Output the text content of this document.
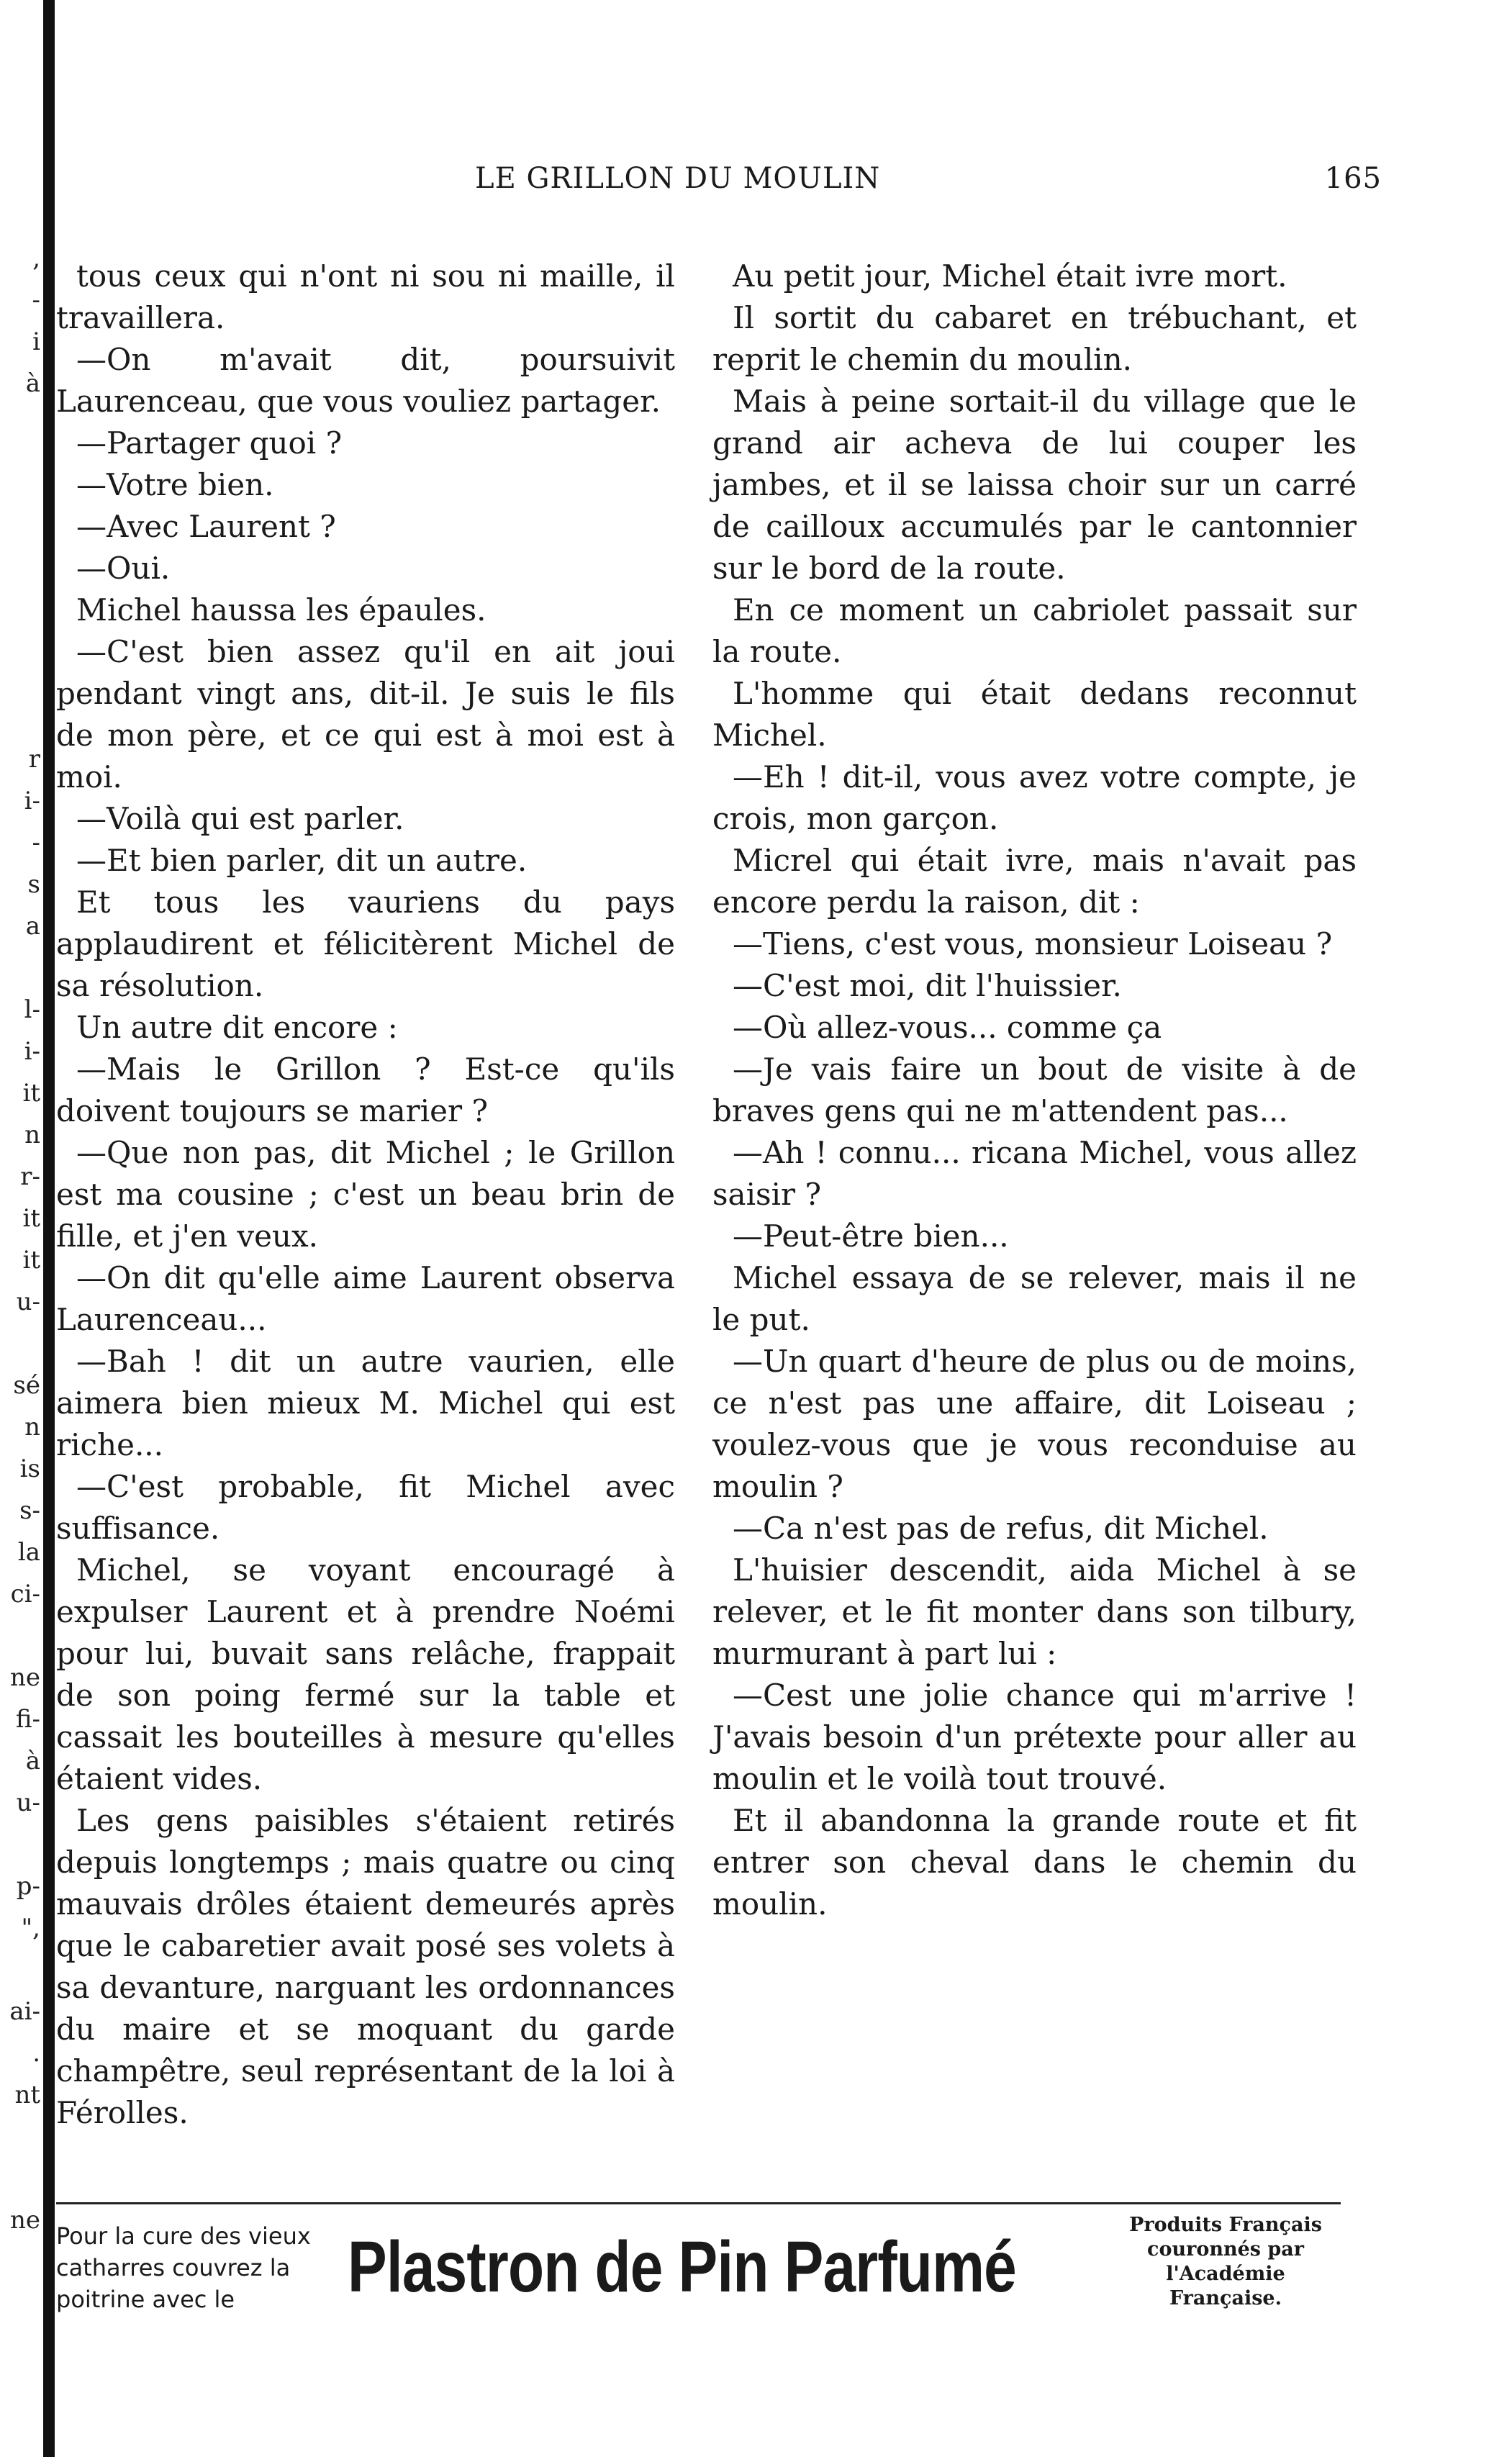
,
-
i
à
r
i-
-
s
a
l-
i-
it
n
r-
it
it
u-
sé
n
is
s-
la
ci-
ne
fi-
à
u-
p-
",
ai-
.
nt
ne
LE GRILLON DU MOULIN	165

tous ceux qui n'ont ni sou ni maille, il travaillera.

—On m'avait dit, poursuivit Laurenceau, que vous vouliez partager.

—Partager quoi ?

—Votre bien.

—Avec Laurent ?

—Oui.

Michel haussa les épaules.

—C'est bien assez qu'il en ait joui pendant vingt ans, dit-il. Je suis le fils de mon père, et ce qui est à moi est à moi.

—Voilà qui est parler.

—Et bien parler, dit un autre.

Et tous les vauriens du pays applaudirent et félicitèrent Michel de sa résolution.

Un autre dit encore :

—Mais le Grillon ? Est-ce qu'ils doivent toujours se marier ?

—Que non pas, dit Michel ; le Grillon est ma cousine ; c'est un beau brin de fille, et j'en veux.

—On dit qu'elle aime Laurent observa Laurenceau...

—Bah ! dit un autre vaurien, elle aimera bien mieux M. Michel qui est riche...

—C'est probable, fit Michel avec suffisance.

Michel, se voyant encouragé à expulser Laurent et à prendre Noémi pour lui, buvait sans relâche, frappait de son poing fermé sur la table et cassait les bouteilles à mesure qu'elles étaient vides.

Les gens paisibles s'étaient retirés depuis longtemps ; mais quatre ou cinq mauvais drôles étaient demeurés après que le cabaretier avait posé ses volets à sa devanture, narguant les ordonnances du maire et se moquant du garde champêtre, seul représentant de la loi à Férolles.

Au petit jour, Michel était ivre mort.

Il sortit du cabaret en trébuchant, et reprit le chemin du moulin.

Mais à peine sortait-il du village que le grand air acheva de lui couper les jambes, et il se laissa choir sur un carré de cailloux accumulés par le cantonnier sur le bord de la route.

En ce moment un cabriolet passait sur la route.

L'homme qui était dedans reconnut Michel.

—Eh ! dit-il, vous avez votre compte, je crois, mon garçon.

Micrel qui était ivre, mais n'avait pas encore perdu la raison, dit :

—Tiens, c'est vous, monsieur Loiseau ?

—C'est moi, dit l'huissier.

—Où allez-vous... comme ça

—Je vais faire un bout de visite à de braves gens qui ne m'attendent pas...

—Ah ! connu... ricana Michel, vous allez saisir ?

—Peut-être bien...

Michel essaya de se relever, mais il ne le put.

—Un quart d'heure de plus ou de moins, ce n'est pas une affaire, dit Loiseau ; voulez-vous que je vous reconduise au moulin ?

—Ca n'est pas de refus, dit Michel.

L'huisier descendit, aida Michel à se relever, et le fit monter dans son tilbury, murmurant à part lui :

—Cest une jolie chance qui m'arrive ! J'avais besoin d'un prétexte pour aller au moulin et le voilà tout trouvé.

Et il abandonna la grande route et fit entrer son cheval dans le chemin du moulin.

Pour la cure des vieux catharres couvrez la poitrine avec le	Plastron de Pin Parfumé
Produits Français
couronnés par
l'Académie
Française.
